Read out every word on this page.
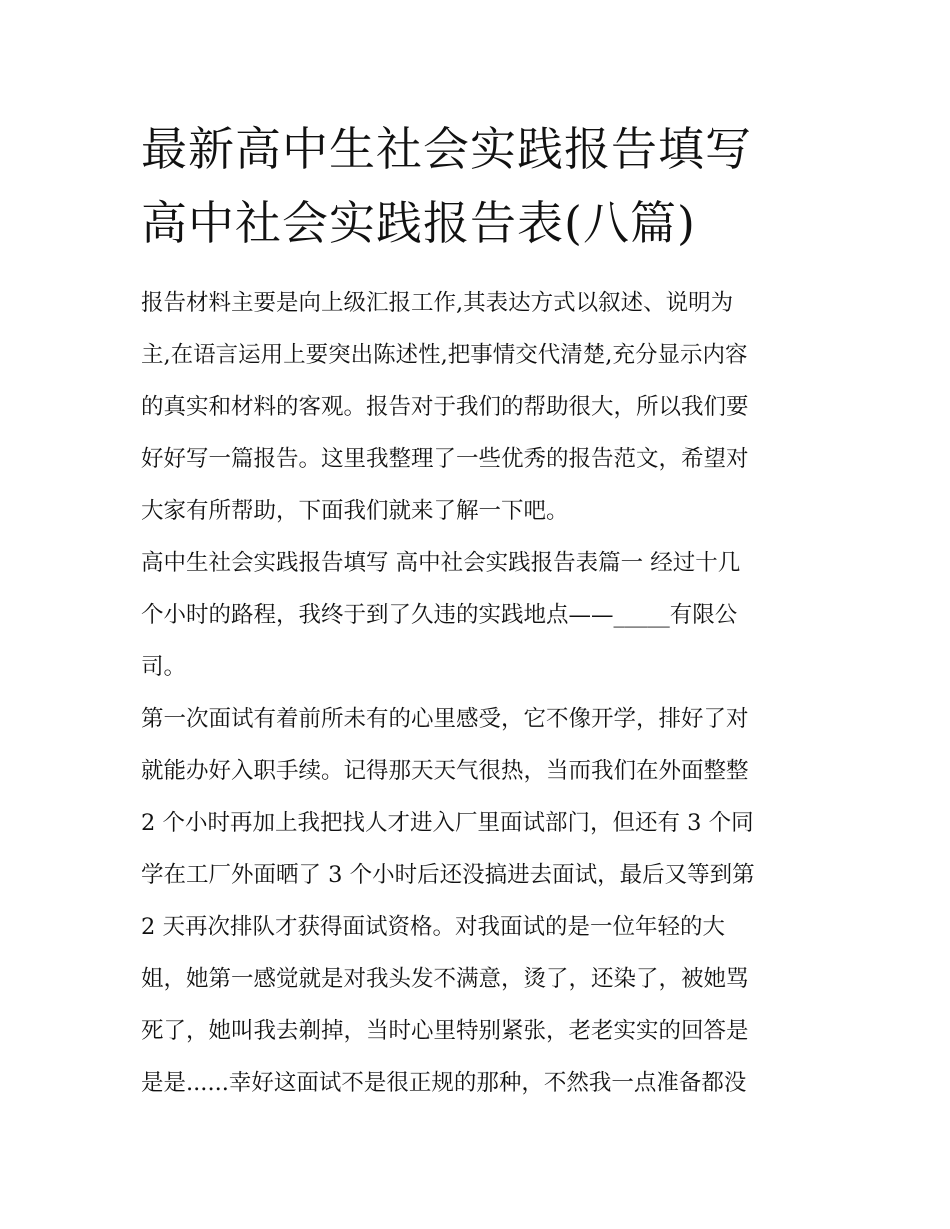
最新高中生社会实践报告填写
高中社会实践报告表(八篇)
报告材料主要是向上级汇报工作,其表达方式以叙述、说明为
主,在语言运用上要突出陈述性,把事情交代清楚,充分显示内容
的真实和材料的客观。报告对于我们的帮助很大，所以我们要
好好写一篇报告。这里我整理了一些优秀的报告范文，希望对
大家有所帮助，下面我们就来了解一下吧。
高中生社会实践报告填写 高中社会实践报告表篇一 经过十几
个小时的路程，我终于到了久违的实践地点——_____有限公
司。
第一次面试有着前所未有的心里感受，它不像开学，排好了对
就能办好入职手续。记得那天天气很热，当而我们在外面整整
2 个小时再加上我把找人才进入厂里面试部门，但还有 3 个同
学在工厂外面晒了 3 个小时后还没搞进去面试，最后又等到第
2 天再次排队才获得面试资格。对我面试的是一位年轻的大
姐，她第一感觉就是对我头发不满意，烫了，还染了，被她骂
死了，她叫我去剃掉，当时心里特别紧张，老老实实的回答是
是是......幸好这面试不是很正规的那种，不然我一点准备都没
